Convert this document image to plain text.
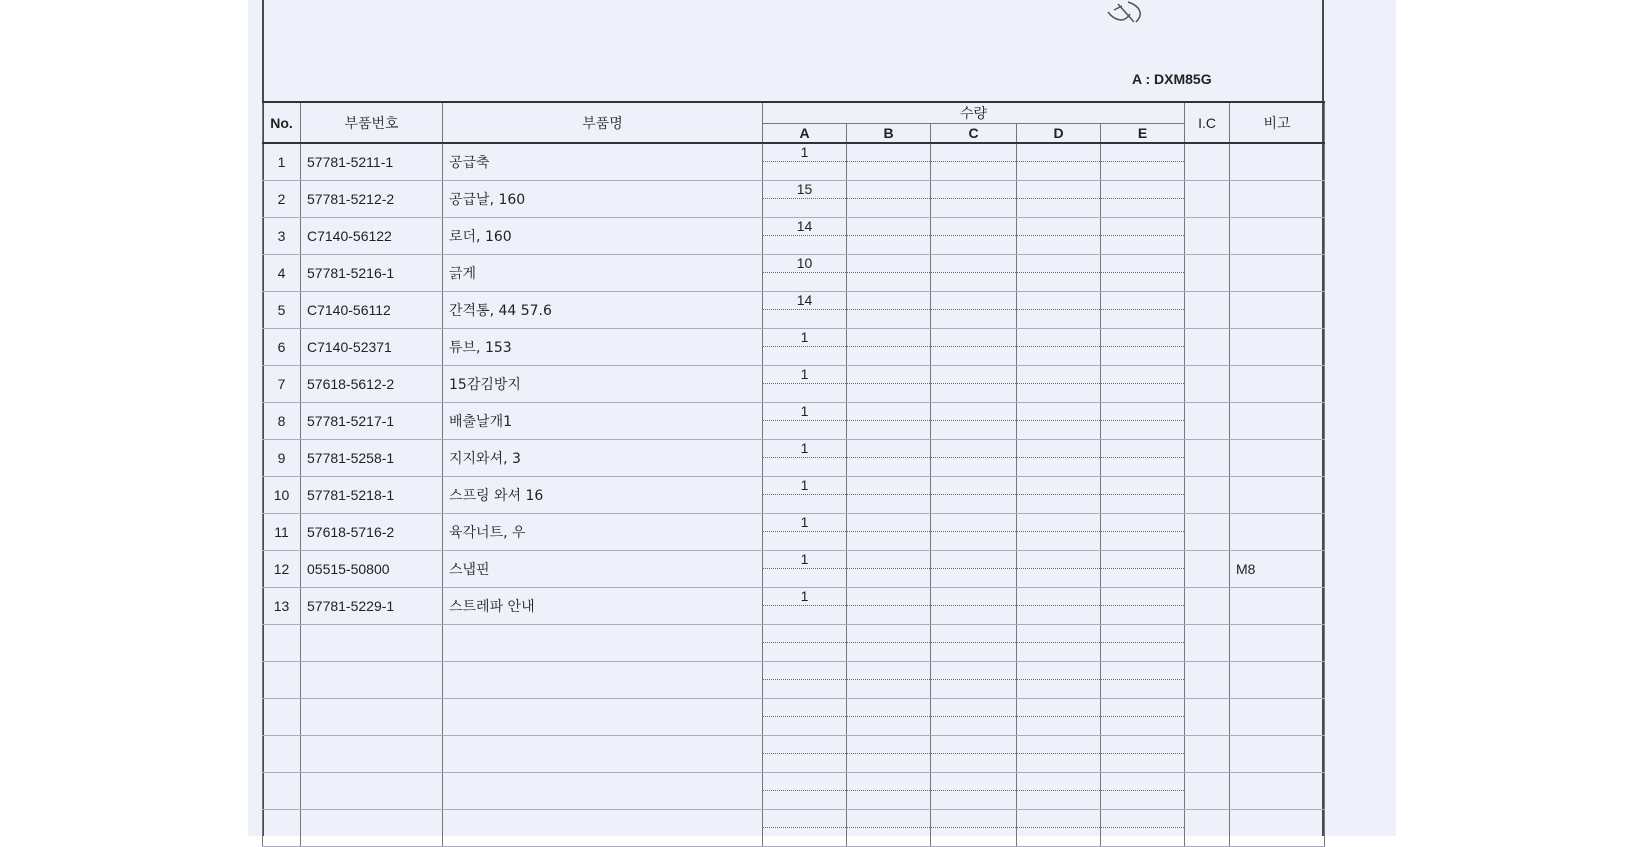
A : DXM85G
No.	부품번호	부품명	수량					I.C	비고
			A	B	C	D	E		
1	57781-5211-1	공급축	1						

2	57781-5212-2	공급날, 160	15						

3	C7140-56122	로더, 160	14						

4	57781-5216-1	긁게	10						

5	C7140-56112	간격통, 44 57.6	14						

6	C7140-52371	튜브, 153	1						

7	57618-5612-2	15감김방지	1						

8	57781-5217-1	배출날개1	1						

9	57781-5258-1	지지와셔, 3	1						

10	57781-5218-1	스프링 와셔 16	1						

11	57618-5716-2	육각너트, 우	1						

12	05515-50800	스냅핀	1						M8
13	57781-5229-1	스트레파 안내	1						
